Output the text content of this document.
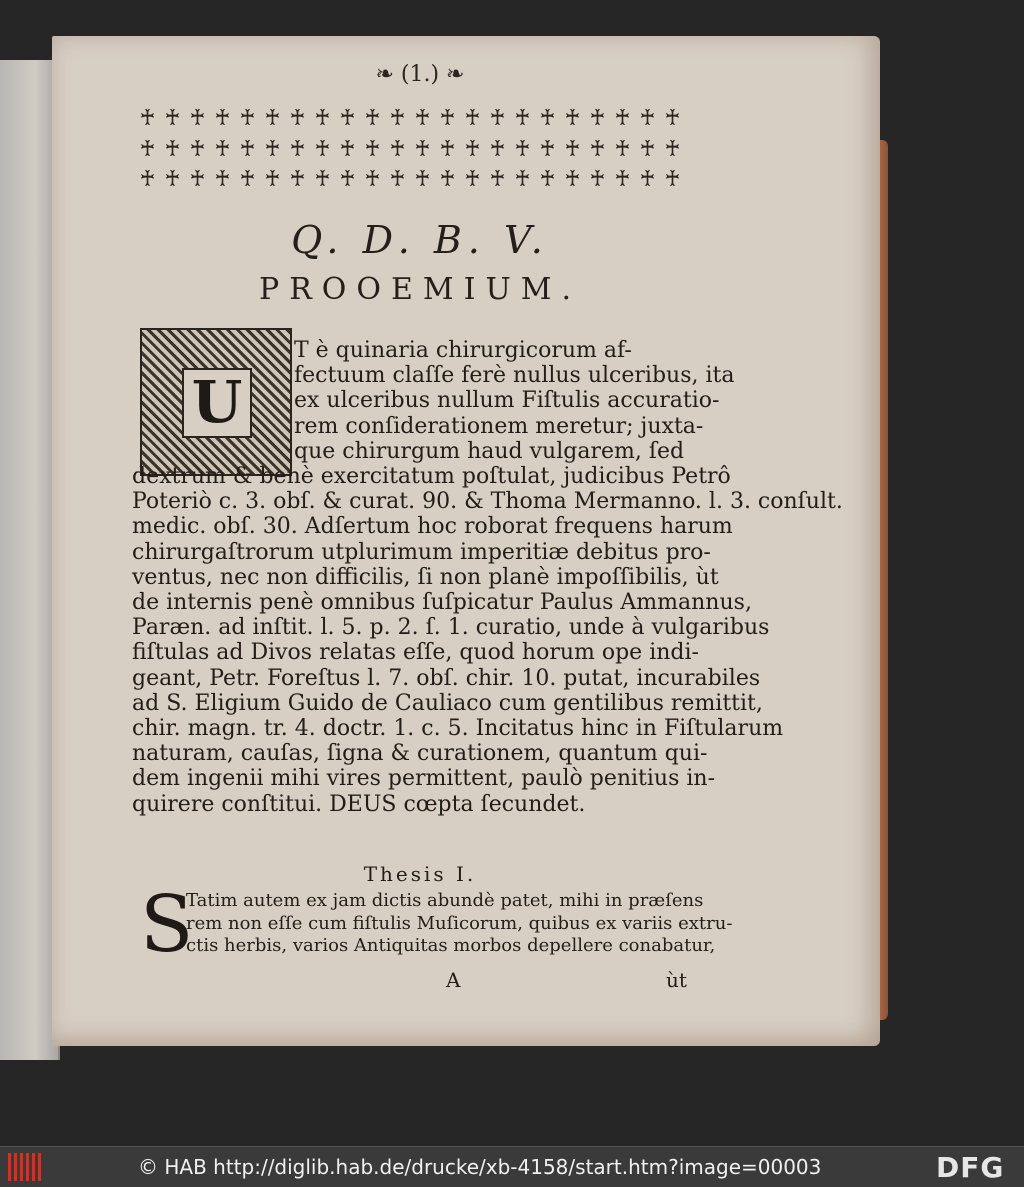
❧ (1.) ❧
♰ ♰ ♰ ♰ ♰ ♰ ♰ ♰ ♰ ♰ ♰ ♰ ♰ ♰ ♰ ♰ ♰ ♰ ♰ ♰ ♰ ♰
♰ ♰ ♰ ♰ ♰ ♰ ♰ ♰ ♰ ♰ ♰ ♰ ♰ ♰ ♰ ♰ ♰ ♰ ♰ ♰ ♰ ♰
♰ ♰ ♰ ♰ ♰ ♰ ♰ ♰ ♰ ♰ ♰ ♰ ♰ ♰ ♰ ♰ ♰ ♰ ♰ ♰ ♰ ♰
Q. D. B. V.
PROOEMIUM.
U
T è quinaria chirurgicorum af-
fectuum claſſe ferè nullus ulceribus, ita
ex ulceribus nullum Fiſtulis accuratio-
rem conſiderationem meretur; juxta-
que chirurgum haud vulgarem, ſed
dextrum & benè exercitatum poſtulat, judicibus Petrô
Poteriò c. 3. obſ. & curat. 90. & Thoma Mermanno. l. 3. conſult.
medic. obſ. 30. Adſertum hoc roborat frequens harum
chirurgaſtrorum utplurimum imperitiæ debitus pro-
ventus, nec non difficilis, ſi non planè impoſſibilis, ùt
de internis penè omnibus ſuſpicatur Paulus Ammannus,
Paræn. ad inſtit. l. 5. p. 2. ſ. 1. curatio, unde à vulgaribus
fiſtulas ad Divos relatas eſſe, quod horum ope indi-
geant, Petr. Foreſtus l. 7. obſ. chir. 10. putat, incurabiles
ad S. Eligium Guido de Cauliaco cum gentilibus remittit,
chir. magn. tr. 4. doctr. 1. c. 5. Incitatus hinc in Fiſtularum
naturam, cauſas, ſigna & curationem, quantum qui-
dem ingenii mihi vires permittent, paulò penitius in-
quirere conſtitui. DEUS cœpta ſecundet.
Thesis I.
S
Tatim autem ex jam dictis abundè patet, mihi in præſens
rem non eſſe cum fiſtulis Muſicorum, quibus ex variis extru-
ctis herbis, varios Antiquitas morbos depellere conabatur,
A	ùt
© HAB http://diglib.hab.de/drucke/xb-4158/start.htm?image=00003	DFG
